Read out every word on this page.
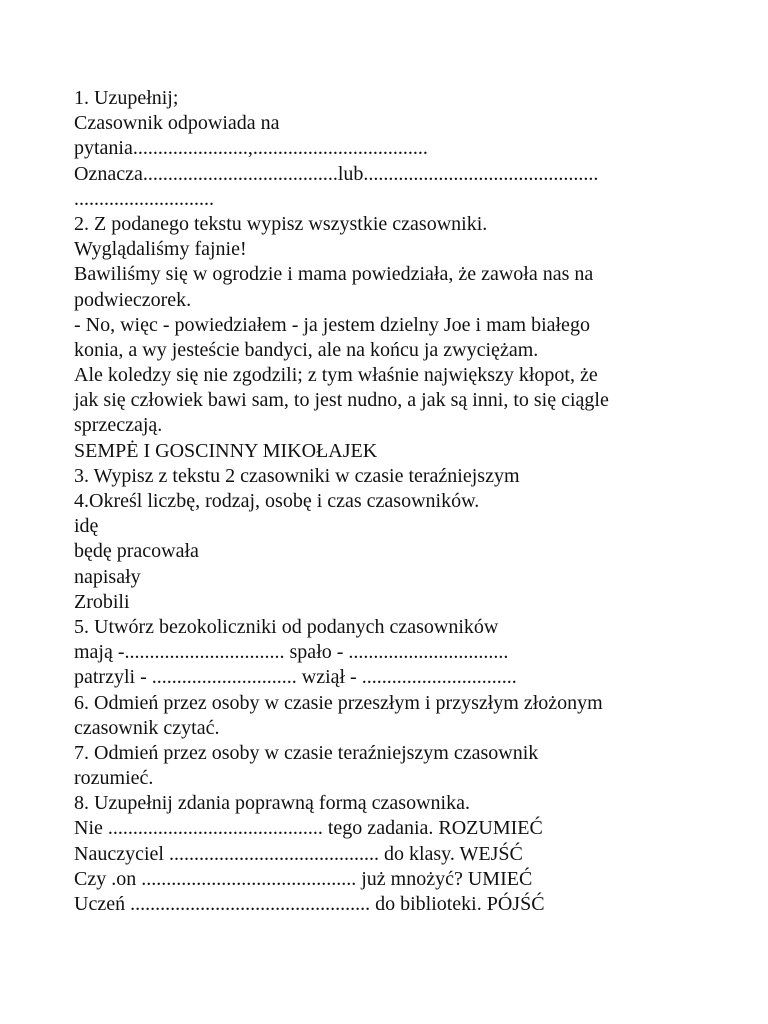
1. Uzupełnij;
Czasownik odpowiada na
pytania.......................,...................................
Oznacza.......................................lub...............................................
............................
2. Z podanego tekstu wypisz wszystkie czasowniki.
Wyglądaliśmy fajnie!
Bawiliśmy się w ogrodzie i mama powiedziała, że zawoła nas na
podwieczorek.
- No, więc - powiedziałem - ja jestem dzielny Joe i mam białego
konia, a wy jesteście bandyci, ale na końcu ja zwyciężam.
Ale koledzy się nie zgodzili; z tym właśnie największy kłopot, że
jak się człowiek bawi sam, to jest nudno, a jak są inni, to się ciągle
sprzeczają.
SEMPĖ I GOSCINNY MIKOŁAJEK
3. Wypisz z tekstu 2 czasowniki w czasie teraźniejszym
4.Określ liczbę, rodzaj, osobę i czas czasowników.
idę
będę pracowała
napisały
Zrobili
5. Utwórz bezokoliczniki od podanych czasowników
mają -................................ spało - ................................
patrzyli - ............................. wziął - ...............................
6. Odmień przez osoby w czasie przeszłym i przyszłym złożonym
czasownik czytać.
7. Odmień przez osoby w czasie teraźniejszym czasownik
rozumieć.
8. Uzupełnij zdania poprawną formą czasownika.
Nie ........................................... tego zadania. ROZUMIEĆ
Nauczyciel .......................................... do klasy. WEJŚĆ
Czy .on ........................................... już mnożyć? UMIEĆ
Uczeń ................................................ do biblioteki. PÓJŚĆ
